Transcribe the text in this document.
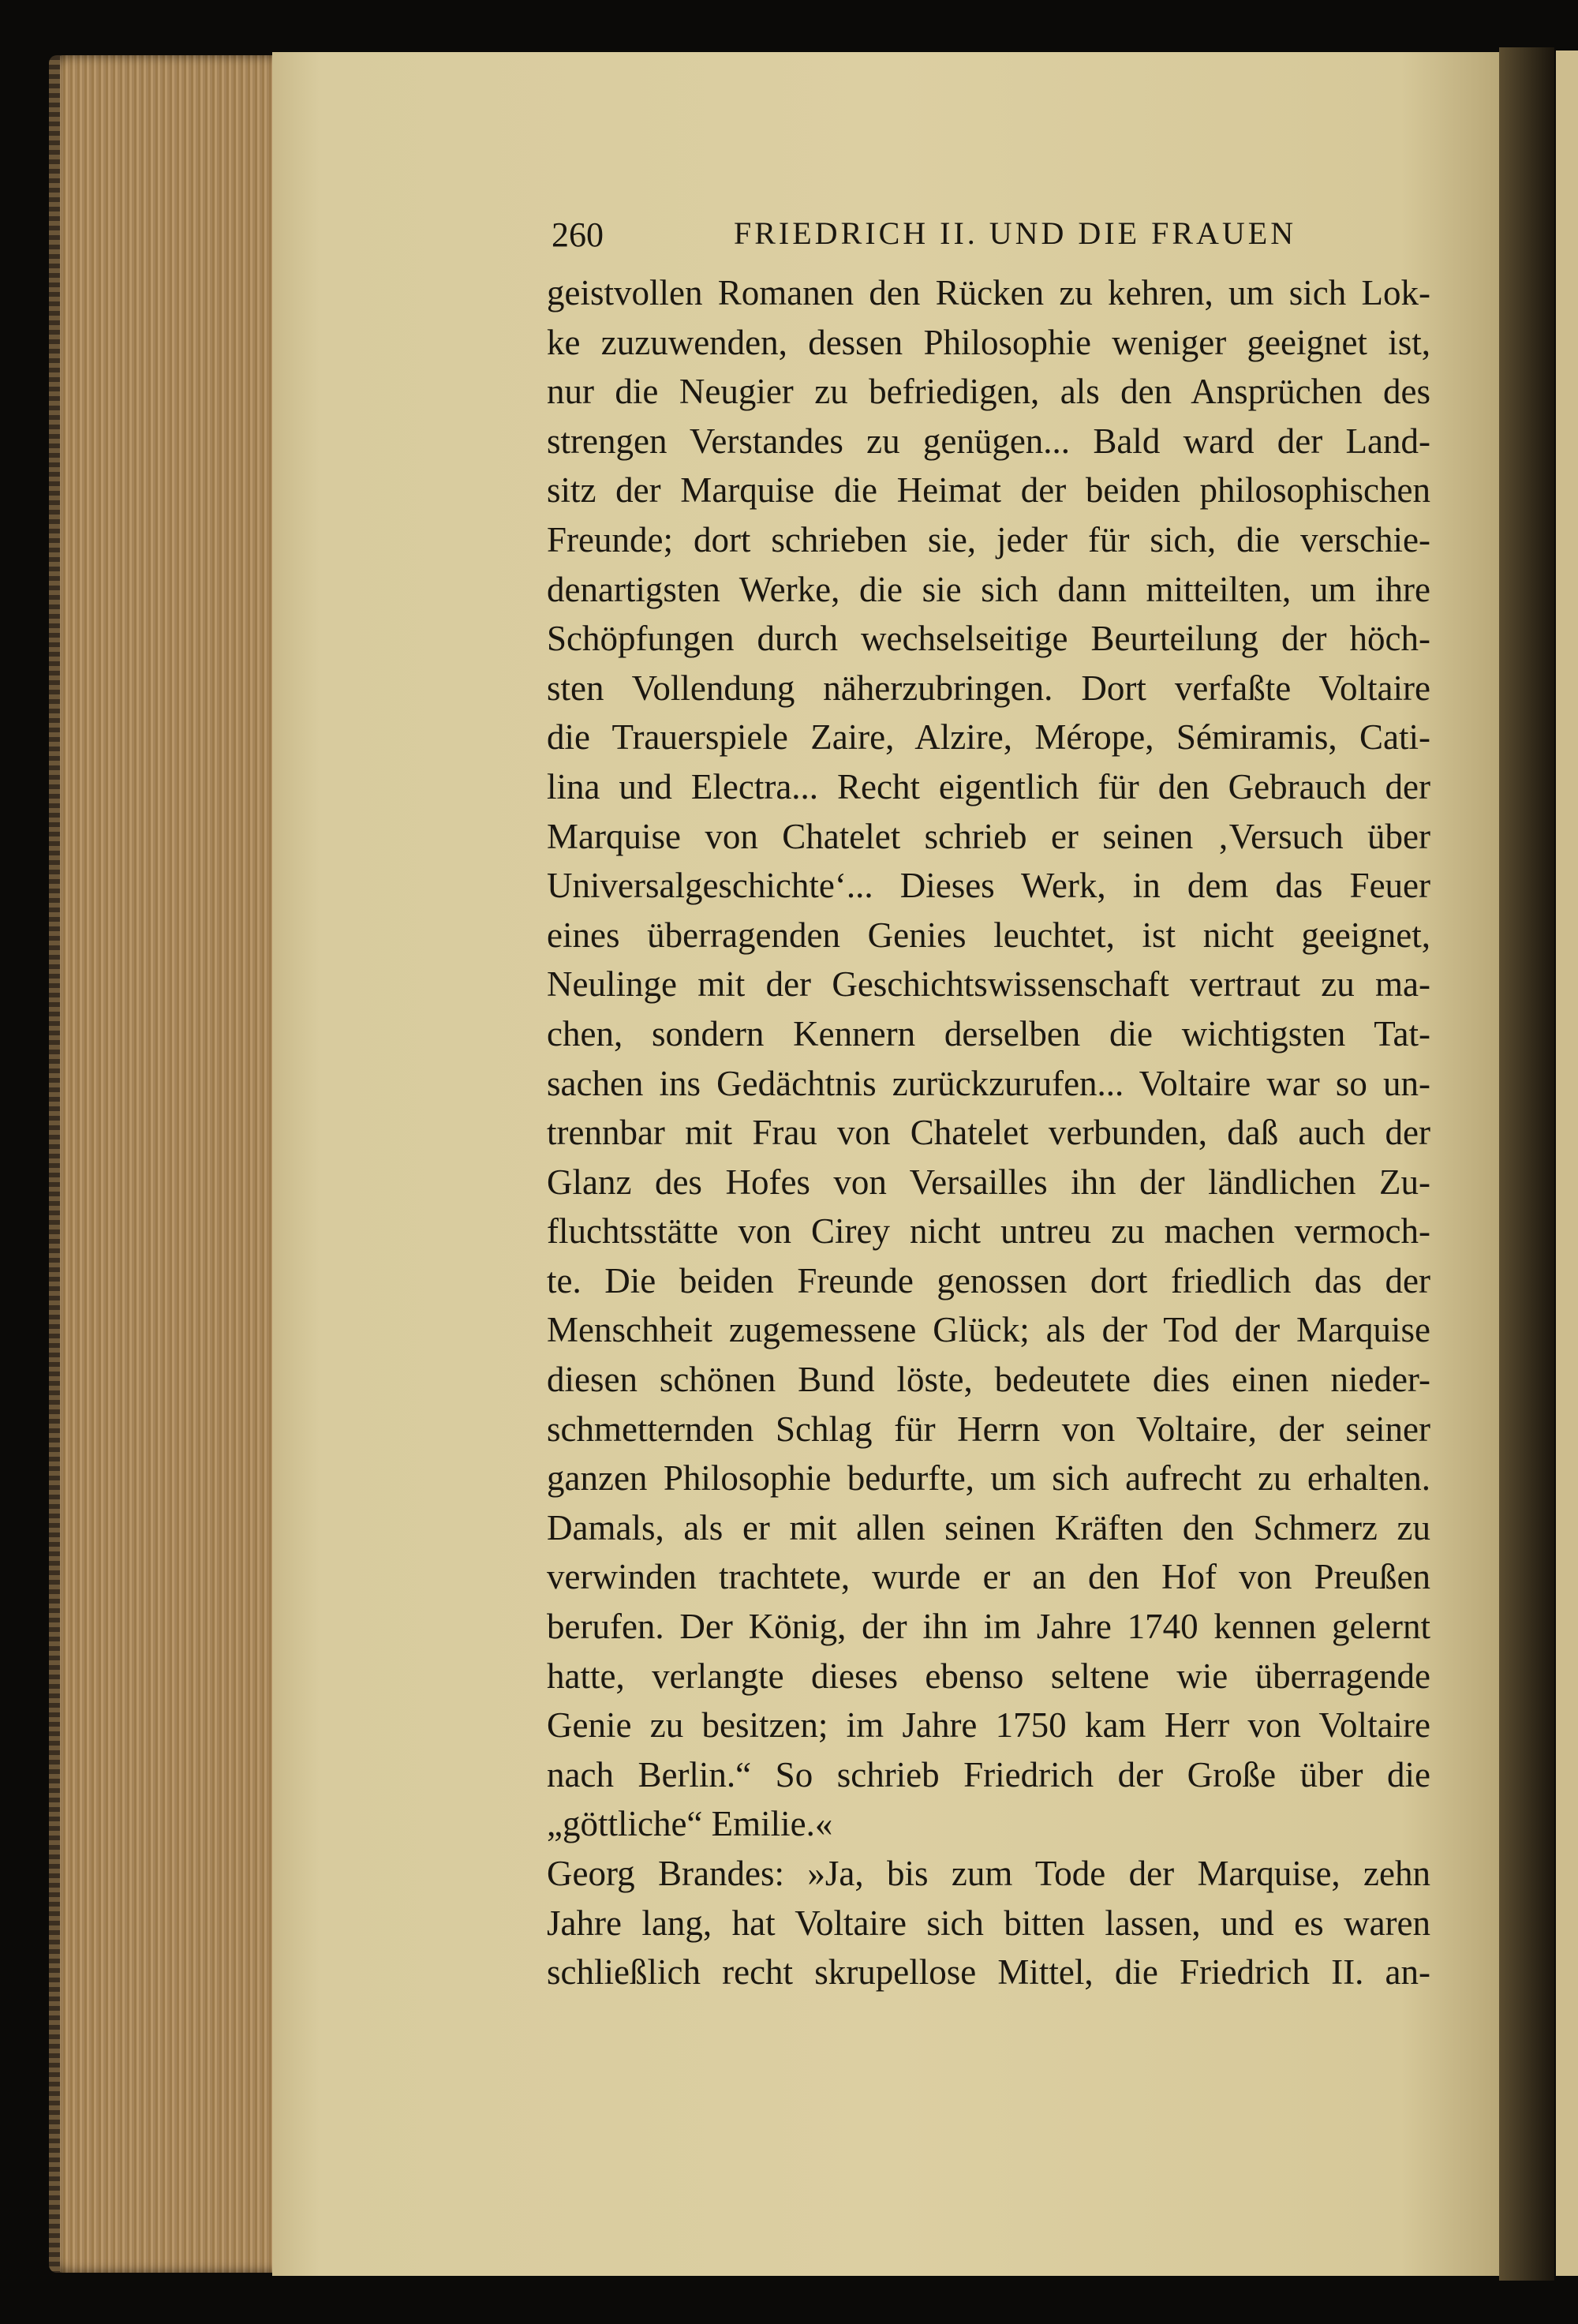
260	FRIEDRICH II. UND DIE FRAUEN
geistvollen Romanen den Rücken zu kehren, um sich Lok-
ke zuzuwenden, dessen Philosophie weniger geeignet ist,
nur die Neugier zu befriedigen, als den Ansprüchen des
strengen Verstandes zu genügen... Bald ward der Land-
sitz der Marquise die Heimat der beiden philosophischen
Freunde; dort schrieben sie, jeder für sich, die verschie-
denartigsten Werke, die sie sich dann mitteilten, um ihre
Schöpfungen durch wechselseitige Beurteilung der höch-
sten Vollendung näherzubringen. Dort verfaßte Voltaire
die Trauerspiele Zaire, Alzire, Mérope, Sémiramis, Cati-
lina und Electra... Recht eigentlich für den Gebrauch der
Marquise von Chatelet schrieb er seinen ‚Versuch über
Universalgeschichte‘... Dieses Werk, in dem das Feuer
eines überragenden Genies leuchtet, ist nicht geeignet,
Neulinge mit der Geschichtswissenschaft vertraut zu ma-
chen, sondern Kennern derselben die wichtigsten Tat-
sachen ins Gedächtnis zurückzurufen... Voltaire war so un-
trennbar mit Frau von Chatelet verbunden, daß auch der
Glanz des Hofes von Versailles ihn der ländlichen Zu-
fluchtsstätte von Cirey nicht untreu zu machen vermoch-
te. Die beiden Freunde genossen dort friedlich das der
Menschheit zugemessene Glück; als der Tod der Marquise
diesen schönen Bund löste, bedeutete dies einen nieder-
schmetternden Schlag für Herrn von Voltaire, der seiner
ganzen Philosophie bedurfte, um sich aufrecht zu erhalten.
Damals, als er mit allen seinen Kräften den Schmerz zu
verwinden trachtete, wurde er an den Hof von Preußen
berufen. Der König, der ihn im Jahre 1740 kennen gelernt
hatte, verlangte dieses ebenso seltene wie überragende
Genie zu besitzen; im Jahre 1750 kam Herr von Voltaire
nach Berlin.“ So schrieb Friedrich der Große über die
„göttliche“ Emilie.«
Georg Brandes: »Ja, bis zum Tode der Marquise, zehn
Jahre lang, hat Voltaire sich bitten lassen, und es waren
schließlich recht skrupellose Mittel, die Friedrich II. an-
